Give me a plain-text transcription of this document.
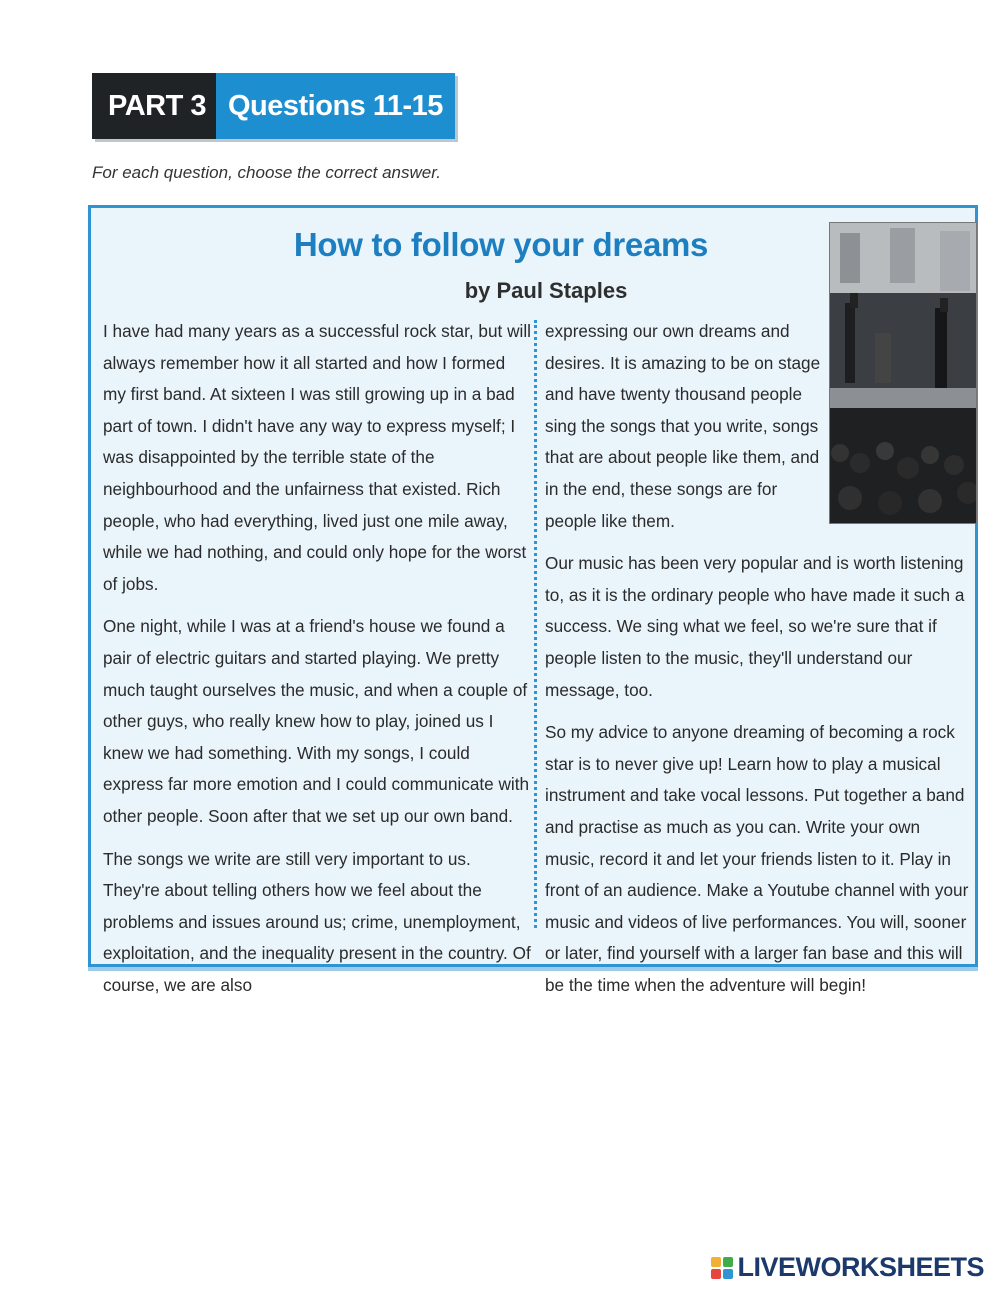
PART 3 Questions 11-15
For each question, choose the correct answer.
How to follow your dreams
by Paul Staples

I have had many years as a successful rock star, but will always remember how it all started and how I formed my first band. At sixteen I was still growing up in a bad part of town. I didn't have any way to express myself; I was disappointed by the terrible state of the neighbourhood and the unfairness that existed. Rich people, who had everything, lived just one mile away, while we had nothing, and could only hope for the worst of jobs.

One night, while I was at a friend's house we found a pair of electric guitars and started playing. We pretty much taught ourselves the music, and when a couple of other guys, who really knew how to play, joined us I knew we had something. With my songs, I could express far more emotion and I could communicate with other people. Soon after that we set up our own band.

The songs we write are still very important to us. They're about telling others how we feel about the problems and issues around us; crime, unemployment, exploitation, and the inequality present in the country. Of course, we are also

expressing our own dreams and desires. It is amazing to be on stage and have twenty thousand people sing the songs that you write, songs that are about people like them, and in the end, these songs are for people like them.

Our music has been very popular and is worth listening to, as it is the ordinary people who have made it such a success. We sing what we feel, so we're sure that if people listen to the music, they'll understand our message, too.

So my advice to anyone dreaming of becoming a rock star is to never give up! Learn how to play a musical instrument and take vocal lessons. Put together a band and practise as much as you can. Write your own music, record it and let your friends listen to it. Play in front of an audience. Make a Youtube channel with your music and videos of live performances. You will, sooner or later, find yourself with a larger fan base and this will be the time when the adventure will begin!

LIVEWORKSHEETS
